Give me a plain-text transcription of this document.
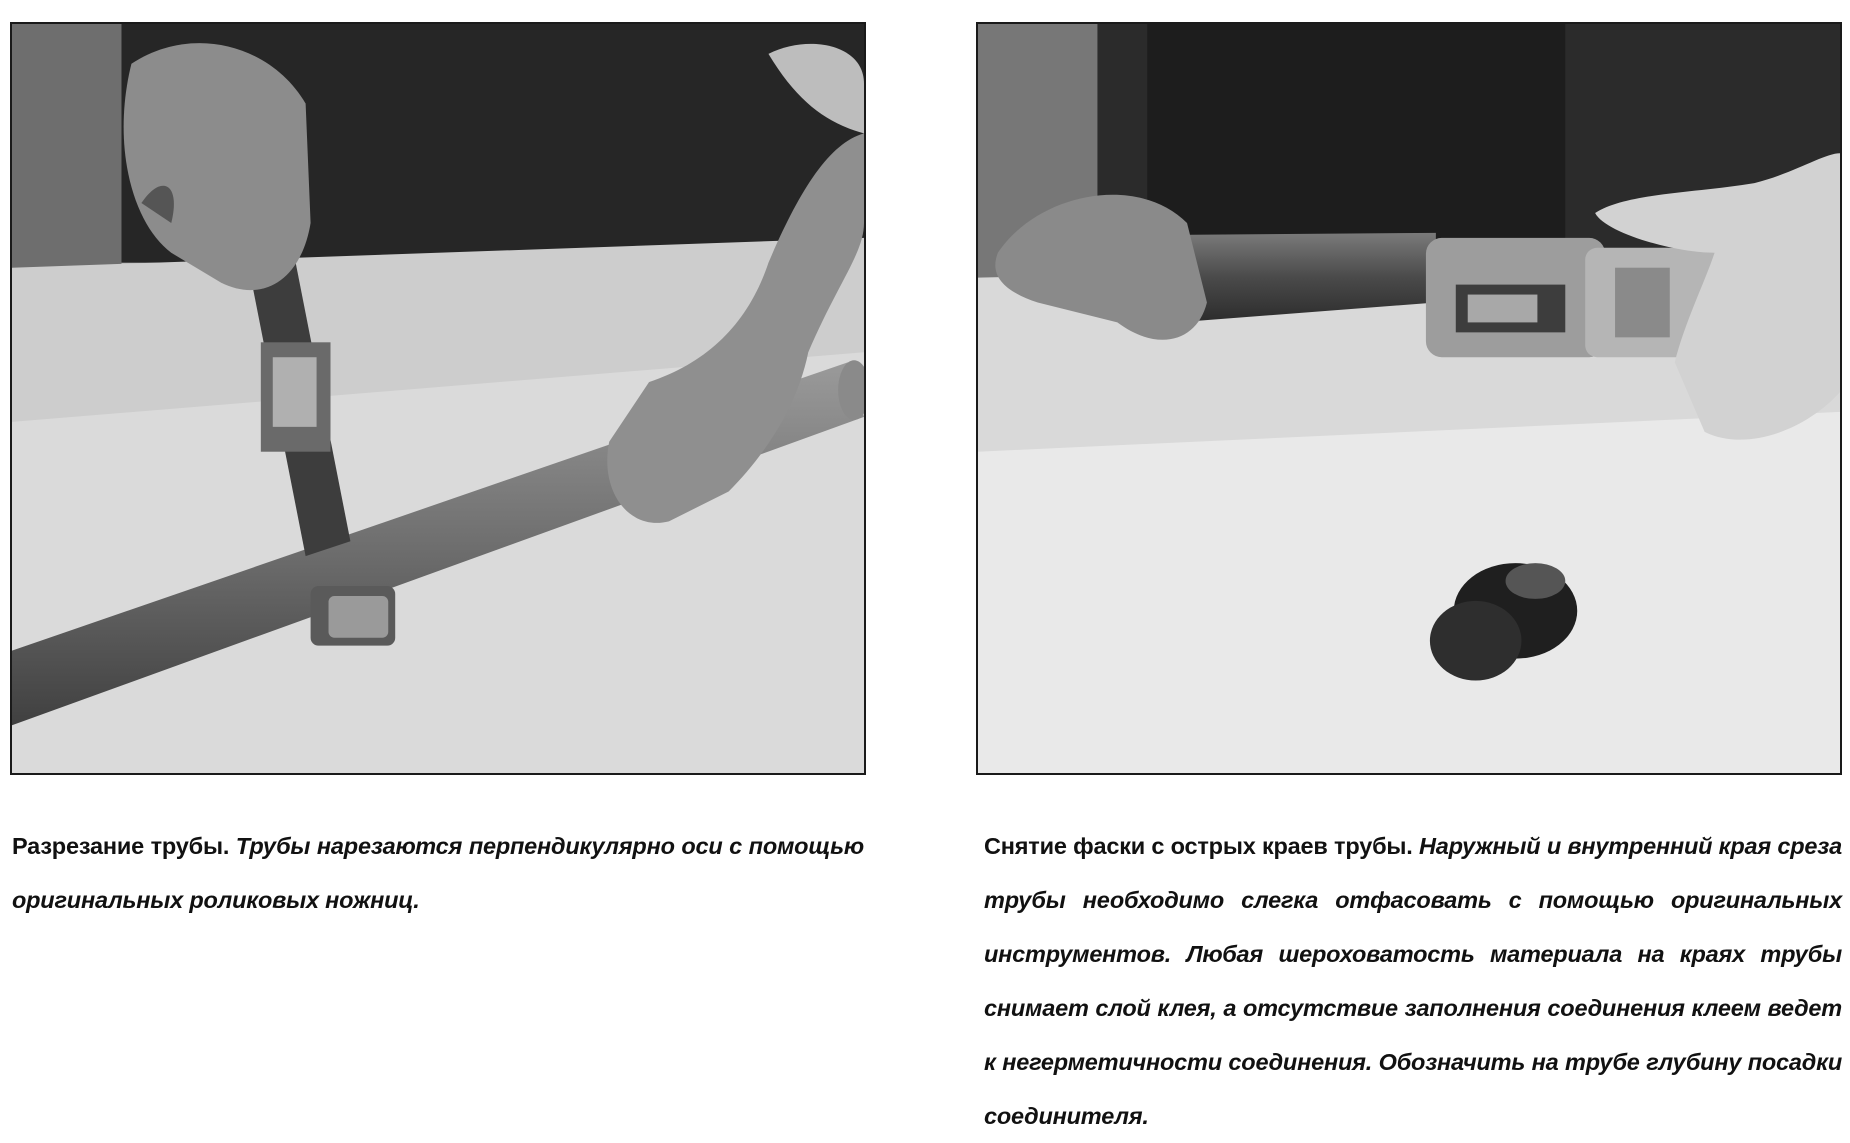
Разрезание трубы. Трубы нарезаются перпендикулярно оси с помощью оригинальных роликовых ножниц.

Снятие фаски с острых краев трубы. Наружный и внутренний края среза трубы необходимо слегка отфасовать с помощью оригинальных инструментов. Любая шероховатость материала на краях трубы снимает слой клея, а отсутствие заполнения соединения клеем ведет к негерметичности соединения. Обозначить на трубе глубину посадки соединителя.
